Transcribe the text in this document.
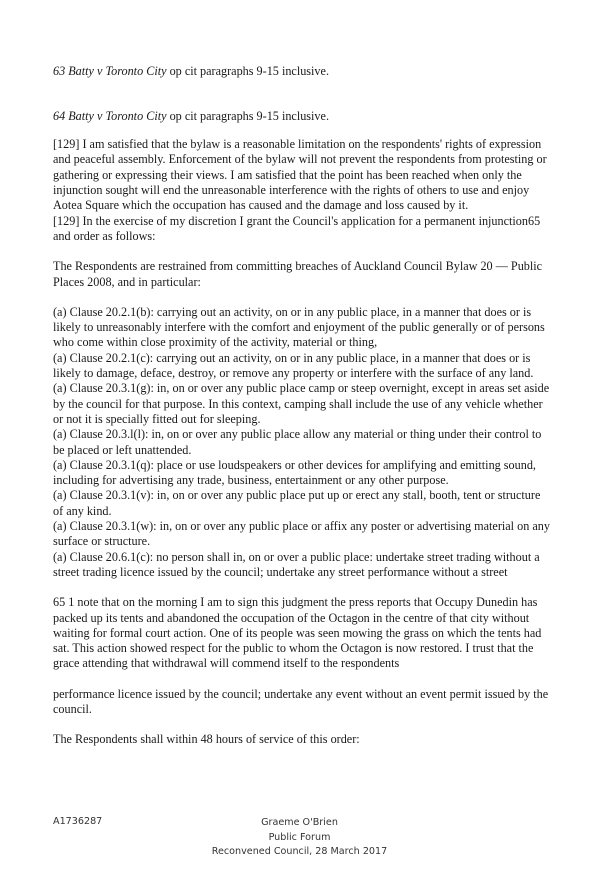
63 Batty v Toronto City op cit paragraphs 9-15 inclusive.

64 Batty v Toronto City op cit paragraphs 9-15 inclusive.

[129] I am satisfied that the bylaw is a reasonable limitation on the respondents' rights of expression and peaceful assembly. Enforcement of the bylaw will not prevent the respondents from protesting or gathering or expressing their views. I am satisfied that the point has been reached when only the injunction sought will end the unreasonable interference with the rights of others to use and enjoy Aotea Square which the occupation has caused and the damage and loss caused by it.

[129] In the exercise of my discretion I grant the Council's application for a permanent injunction65 and order as follows:

The Respondents are restrained from committing breaches of Auckland Council Bylaw 20 — Public Places 2008, and in particular:

(a) Clause 20.2.1(b): carrying out an activity, on or in any public place, in a manner that does or is likely to unreasonably interfere with the comfort and enjoyment of the public generally or of persons who come within close proximity of the activity, material or thing,

(a) Clause 20.2.1(c): carrying out an activity, on or in any public place, in a manner that does or is likely to damage, deface, destroy, or remove any property or interfere with the surface of any land.

(a) Clause 20.3.1(g): in, on or over any public place camp or steep overnight, except in areas set aside by the council for that purpose. In this context, camping shall include the use of any vehicle whether or not it is specially fitted out for sleeping.

(a) Clause 20.3.l(l): in, on or over any public place allow any material or thing under their control to be placed or left unattended.

(a) Clause 20.3.1(q): place or use loudspeakers or other devices for amplifying and emitting sound, including for advertising any trade, business, entertainment or any other purpose.

(a) Clause 20.3.1(v): in, on or over any public place put up or erect any stall, booth, tent or structure of any kind.

(a) Clause 20.3.1(w): in, on or over any public place or affix any poster or advertising material on any surface or structure.

(a) Clause 20.6.1(c): no person shall in, on or over a public place: undertake street trading without a street trading licence issued by the council; undertake any street performance without a street

65 1 note that on the morning I am to sign this judgment the press reports that Occupy Dunedin has packed up its tents and abandoned the occupation of the Octagon in the centre of that city without waiting for formal court action. One of its people was seen mowing the grass on which the tents had sat. This action showed respect for the public to whom the Octagon is now restored. I trust that the grace attending that withdrawal will commend itself to the respondents

performance licence issued by the council; undertake any event without an event permit issued by the council.

The Respondents shall within 48 hours of service of this order:

A1736287	Graeme O'Brien
Public Forum
Reconvened Council, 28 March 2017
